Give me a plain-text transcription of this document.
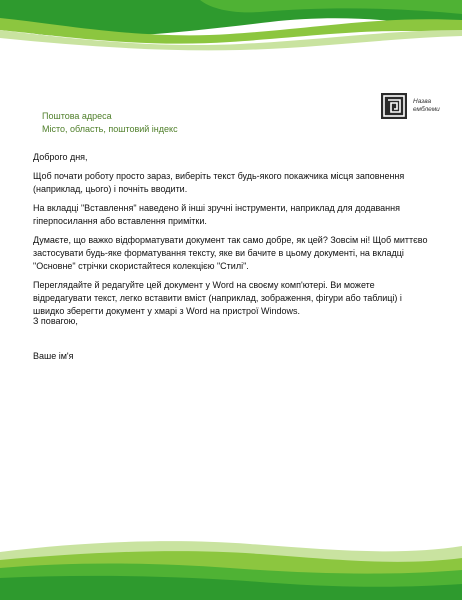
Поштова адреса
Місто, область, поштовий індекс
Назва емблеми

Доброго дня,

Щоб почати роботу просто зараз, виберіть текст будь-якого покажчика місця заповнення (наприклад, цього) і почніть вводити.

На вкладці "Вставлення" наведено й інші зручні інструменти, наприклад для додавання гіперпосилання або вставлення примітки.

Думаєте, що важко відформатувати документ так само добре, як цей? Зовсім ні! Щоб миттєво застосувати будь-яке форматування тексту, яке ви бачите в цьому документі, на вкладці "Основне" стрічки скористайтеся колекцією "Стилі".

Переглядайте й редагуйте цей документ у Word на своєму комп'ютері. Ви можете відредагувати текст, легко вставити вміст (наприклад, зображення, фігури або таблиці) і швидко зберегти документ у хмарі з Word на пристрої Windows.

З повагою,
Ваше ім'я
